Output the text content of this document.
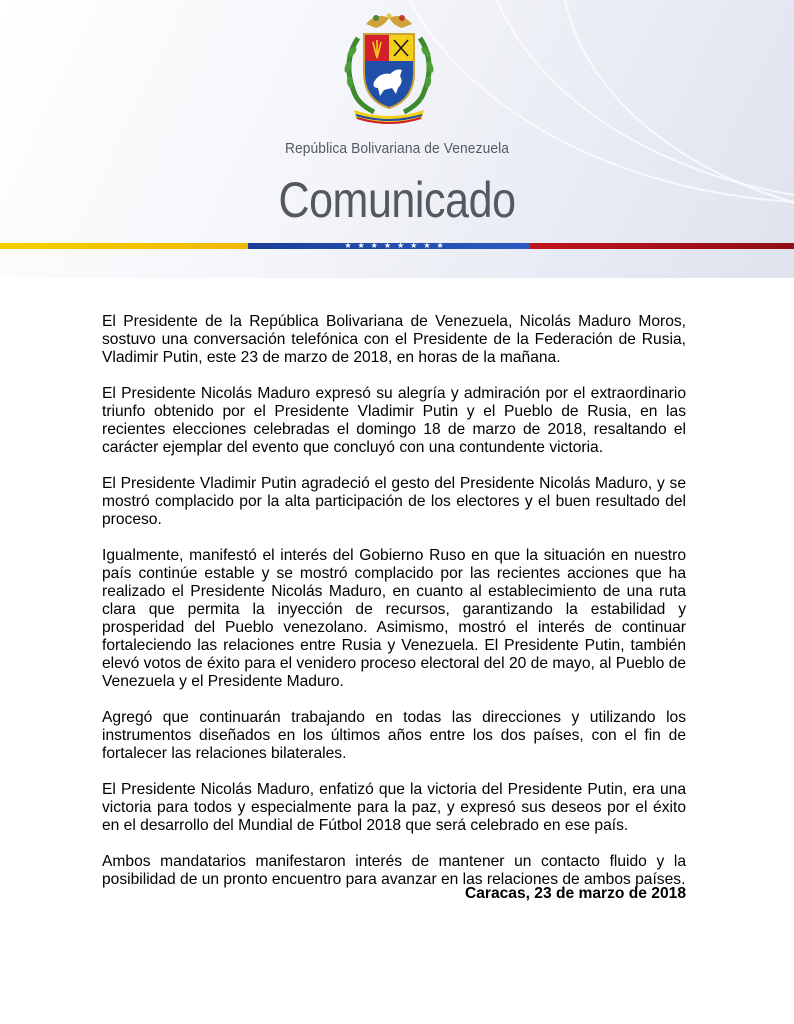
República Bolivariana de Venezuela
Comunicado
★★★★★★★★

El Presidente de la República Bolivariana de Venezuela, Nicolás Maduro Moros, sostuvo una conversación telefónica con el Presidente de la Federación de Rusia, Vladimir Putin, este 23 de marzo de 2018, en horas de la mañana.

El Presidente Nicolás Maduro expresó su alegría y admiración por el extraordinario triunfo obtenido por el Presidente Vladimir Putin y el Pueblo de Rusia, en las recientes elecciones celebradas el domingo 18 de marzo de 2018, resaltando el carácter ejemplar del evento que concluyó con una contundente victoria.

El Presidente Vladimir Putin agradeció el gesto del Presidente Nicolás Maduro, y se mostró complacido por la alta participación de los electores y el buen resultado del proceso.

Igualmente, manifestó el interés del Gobierno Ruso en que la situación en nuestro país continúe estable y se mostró complacido por las recientes acciones que ha realizado el Presidente Nicolás Maduro, en cuanto al establecimiento de una ruta clara que permita la inyección de recursos, garantizando la estabilidad y prosperidad del Pueblo venezolano. Asimismo, mostró el interés de continuar fortaleciendo las relaciones entre Rusia y Venezuela. El Presidente Putin, también elevó votos de éxito para el venidero proceso electoral del 20 de mayo, al Pueblo de Venezuela y el Presidente Maduro.

Agregó que continuarán trabajando en todas las direcciones y utilizando los instrumentos diseñados en los últimos años entre los dos países, con el fin de fortalecer las relaciones bilaterales.

El Presidente Nicolás Maduro, enfatizó que la victoria del Presidente Putin, era una victoria para todos y especialmente para la paz, y expresó sus deseos por el éxito en el desarrollo del Mundial de Fútbol 2018 que será celebrado en ese país.

Ambos mandatarios manifestaron interés de mantener un contacto fluido y la posibilidad de un pronto encuentro para avanzar en las relaciones de ambos países.

Caracas, 23 de marzo de 2018
